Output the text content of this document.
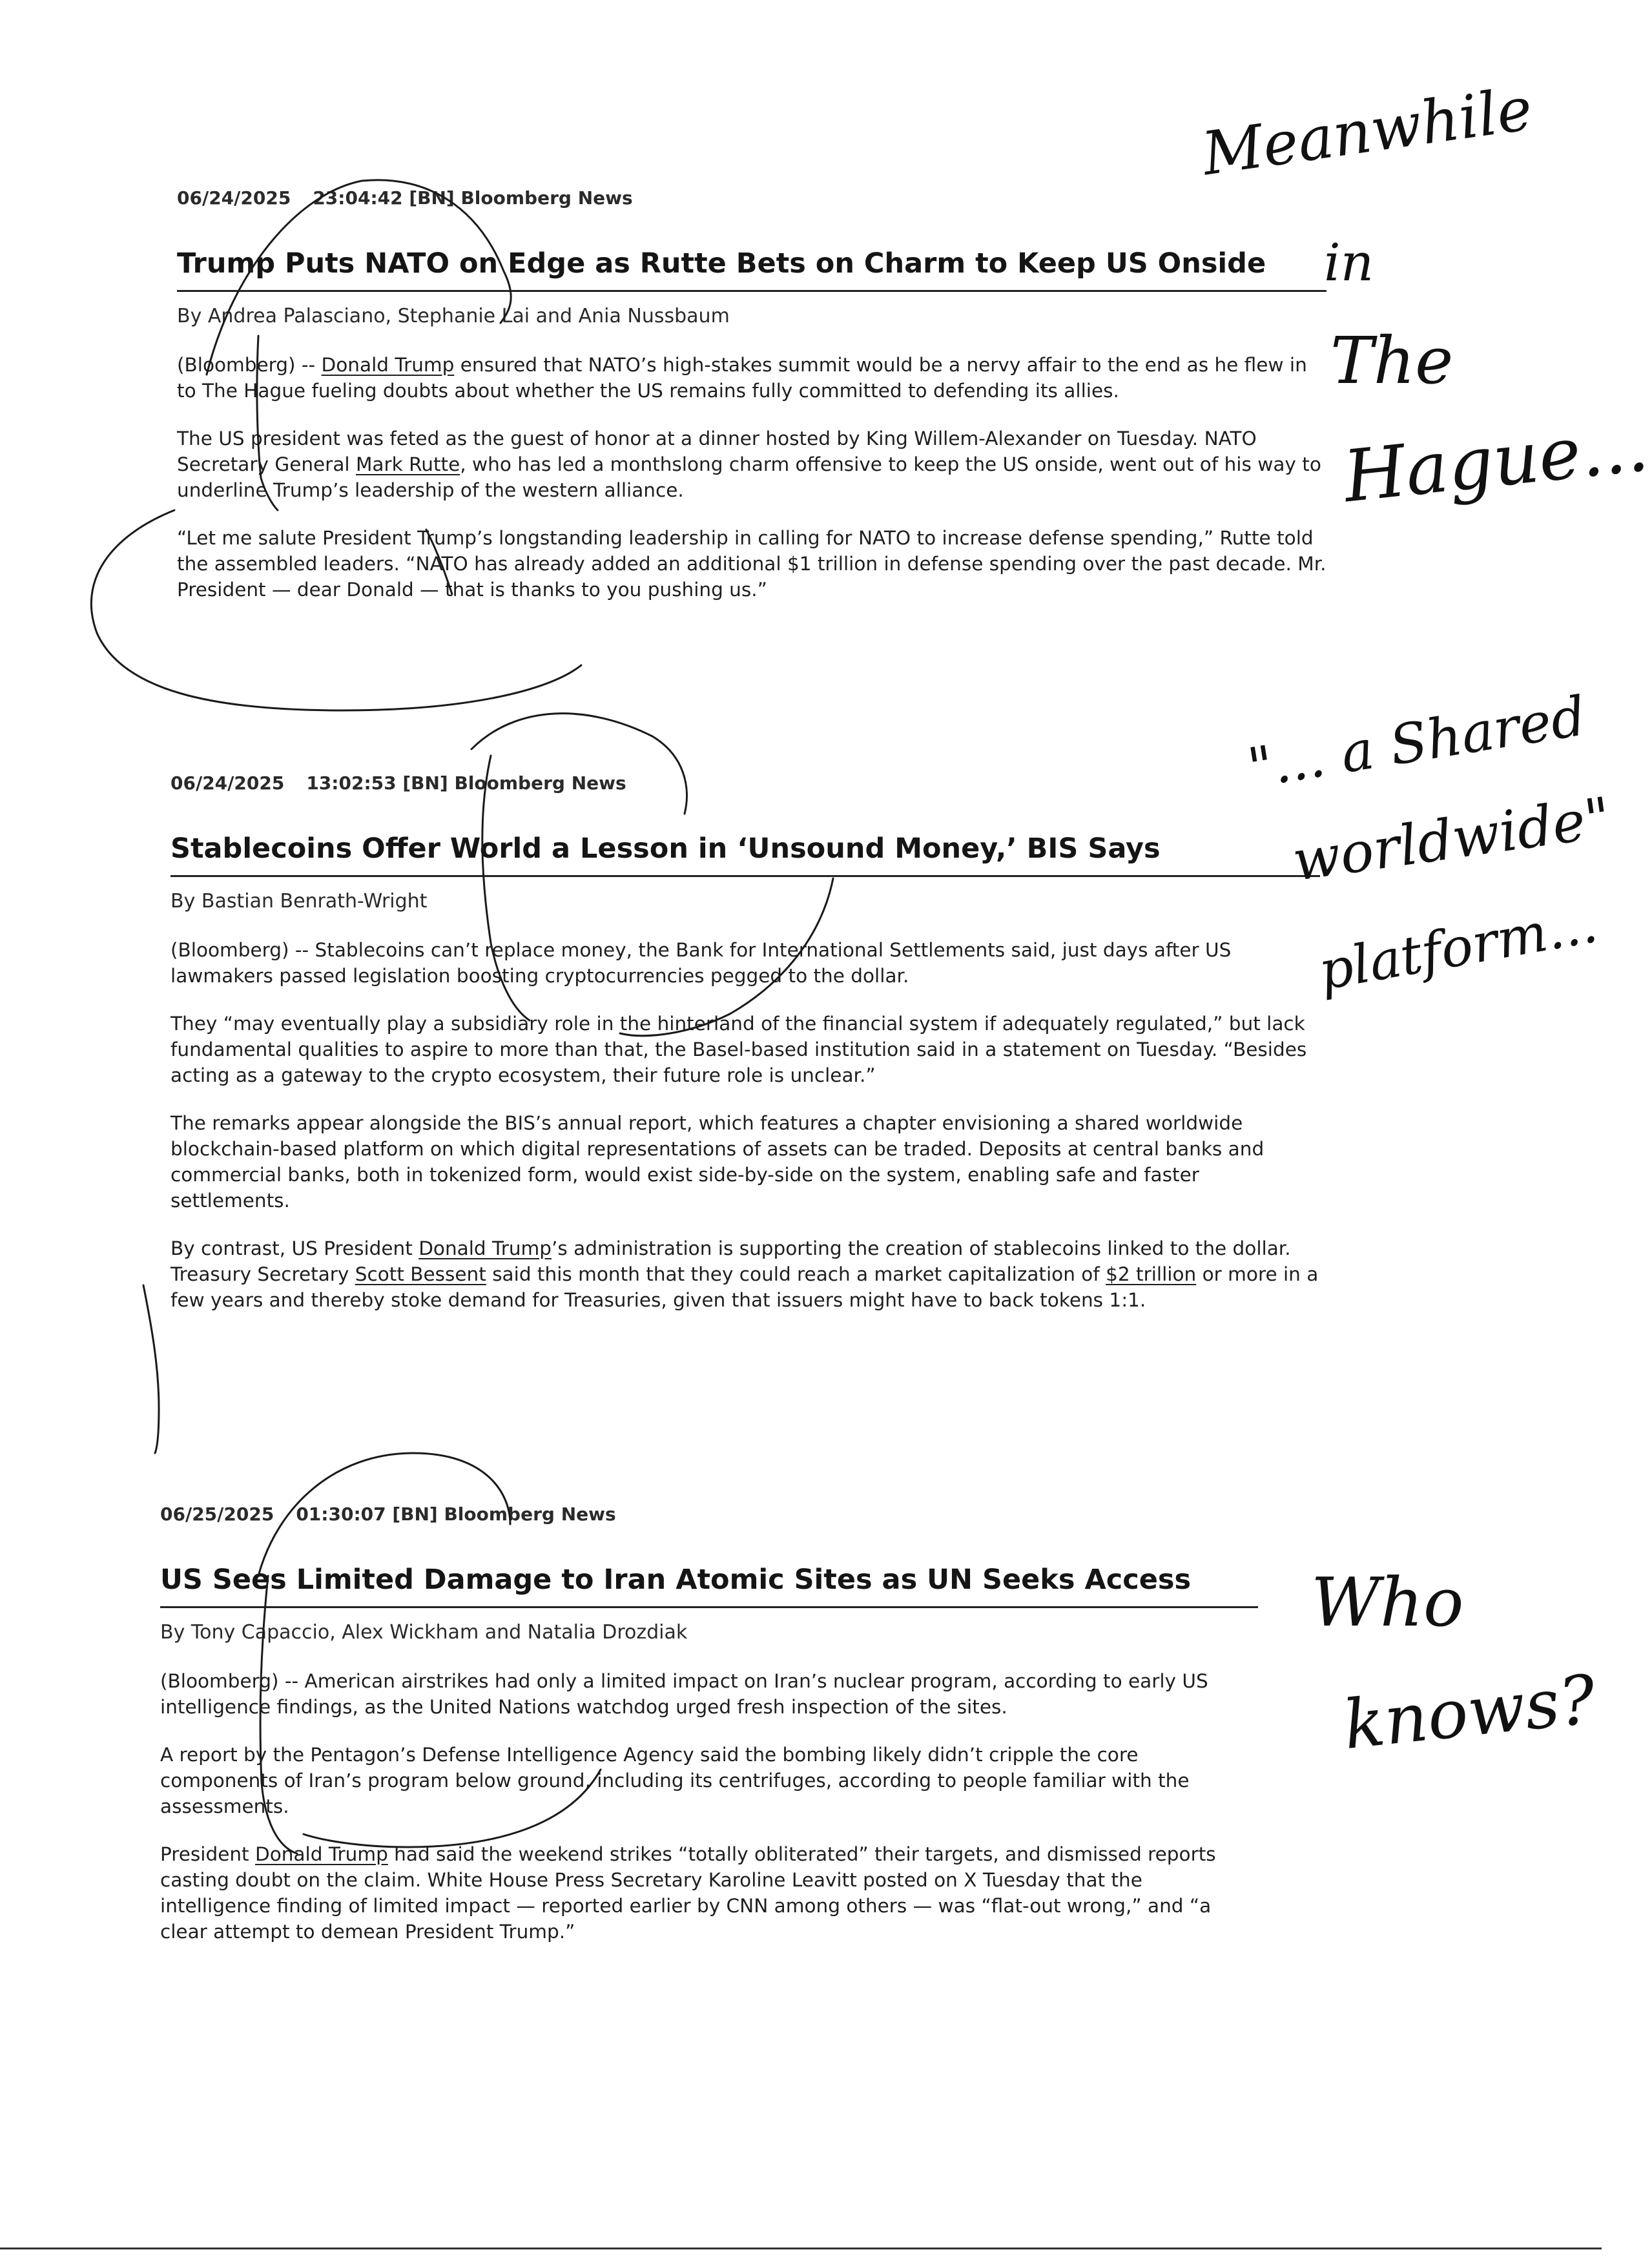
06/24/2025 23:04:42 [BN] Bloomberg News
Trump Puts NATO on Edge as Rutte Bets on Charm to Keep US Onside
By Andrea Palasciano, Stephanie Lai and Ania Nussbaum

(Bloomberg) -- Donald Trump ensured that NATO’s high-stakes summit would be a nervy affair to the end as he flew in to The Hague fueling doubts about whether the US remains fully committed to defending its allies.

The US president was feted as the guest of honor at a dinner hosted by King Willem-Alexander on Tuesday. NATO Secretary General Mark Rutte, who has led a monthslong charm offensive to keep the US onside, went out of his way to underline Trump’s leadership of the western alliance.

“Let me salute President Trump’s longstanding leadership in calling for NATO to increase defense spending,” Rutte told the assembled leaders. “NATO has already added an additional $1 trillion in defense spending over the past decade. Mr. President — dear Donald — that is thanks to you pushing us.”

06/24/2025 13:02:53 [BN] Bloomberg News
Stablecoins Offer World a Lesson in ‘Unsound Money,’ BIS Says
By Bastian Benrath-Wright

(Bloomberg) -- Stablecoins can’t replace money, the Bank for International Settlements said, just days after US lawmakers passed legislation boosting cryptocurrencies pegged to the dollar.

They “may eventually play a subsidiary role in the hinterland of the financial system if adequately regulated,” but lack fundamental qualities to aspire to more than that, the Basel-based institution said in a statement on Tuesday. “Besides acting as a gateway to the crypto ecosystem, their future role is unclear.”

The remarks appear alongside the BIS’s annual report, which features a chapter envisioning a shared worldwide blockchain-based platform on which digital representations of assets can be traded. Deposits at central banks and commercial banks, both in tokenized form, would exist side-by-side on the system, enabling safe and faster settlements.

By contrast, US President Donald Trump’s administration is supporting the creation of stablecoins linked to the dollar. Treasury Secretary Scott Bessent said this month that they could reach a market capitalization of $2 trillion or more in a few years and thereby stoke demand for Treasuries, given that issuers might have to back tokens 1:1.

06/25/2025 01:30:07 [BN] Bloomberg News
US Sees Limited Damage to Iran Atomic Sites as UN Seeks Access
By Tony Capaccio, Alex Wickham and Natalia Drozdiak

(Bloomberg) -- American airstrikes had only a limited impact on Iran’s nuclear program, according to early US intelligence findings, as the United Nations watchdog urged fresh inspection of the sites.

A report by the Pentagon’s Defense Intelligence Agency said the bombing likely didn’t cripple the core components of Iran’s program below ground, including its centrifuges, according to people familiar with the assessments.

President Donald Trump had said the weekend strikes “totally obliterated” their targets, and dismissed reports casting doubt on the claim. White House Press Secretary Karoline Leavitt posted on X Tuesday that the intelligence finding of limited impact — reported earlier by CNN among others — was “flat-out wrong,” and “a clear attempt to demean President Trump.”

Meanwhile
in
The
Hague...
"... a Shared
worldwide"
platform...
Who
knows?
